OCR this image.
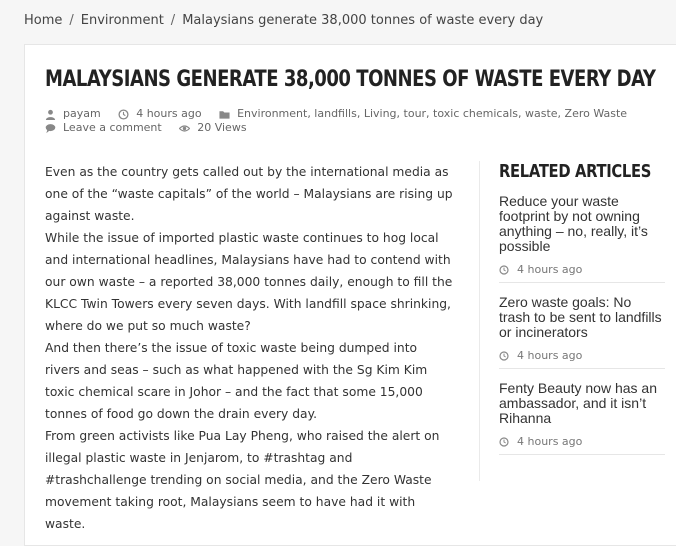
Home / Environment / Malaysians generate 38,000 tonnes of waste every day
MALAYSIANS GENERATE 38,000 TONNES OF WASTE EVERY DAY
payam
	4 hours ago
	Environment, landfills, Living, tour, toxic chemicals, waste, Zero Waste
Leave a comment
	20 Views

Even as the country gets called out by the international media as one of the “waste capitals” of the world – Malaysians are rising up against waste.

While the issue of imported plastic waste continues to hog local and international headlines, Malaysians have had to contend with our own waste – a reported 38,000 tonnes daily, enough to fill the KLCC Twin Towers every seven days. With landfill space shrinking, where do we put so much waste?

And then there’s the issue of toxic waste being dumped into rivers and seas – such as what happened with the Sg Kim Kim toxic chemical scare in Johor – and the fact that some 15,000 tonnes of food go down the drain every day.

From green activists like Pua Lay Pheng, who raised the alert on illegal plastic waste in Jenjarom, to #trashtag and #trashchallenge trending on social media, and the Zero Waste movement taking root, Malaysians seem to have had it with waste.

RELATED ARTICLES
Reduce your waste footprint by not owning anything – no, really, it’s possible
4 hours ago
Zero waste goals: No trash to be sent to landfills or incinerators
4 hours ago
Fenty Beauty now has an ambassador, and it isn’t Rihanna
4 hours ago
